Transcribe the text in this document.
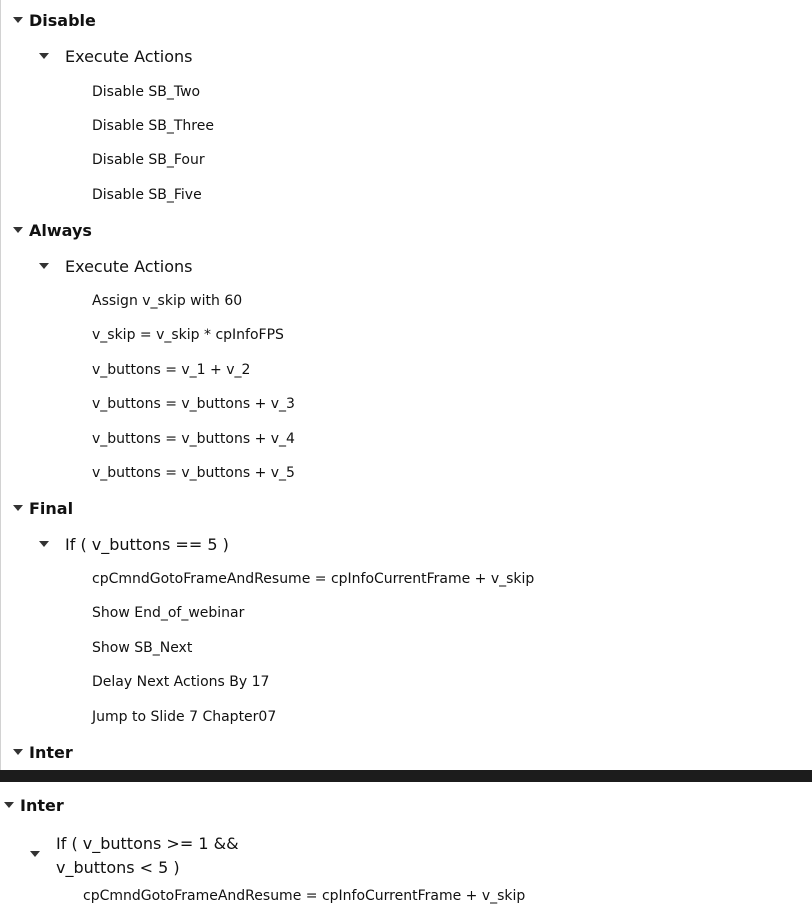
Disable
Execute Actions
Disable SB_Two
Disable SB_Three
Disable SB_Four
Disable SB_Five
Always
Execute Actions
Assign v_skip with 60
v_skip = v_skip * cpInfoFPS
v_buttons = v_1 + v_2
v_buttons = v_buttons + v_3
v_buttons = v_buttons + v_4
v_buttons = v_buttons + v_5
Final
If ( v_buttons == 5 )
cpCmndGotoFrameAndResume = cpInfoCurrentFrame + v_skip
Show End_of_webinar
Show SB_Next
Delay Next Actions By 17
Jump to Slide 7 Chapter07
Inter
Inter
If ( v_buttons >= 1 &&
v_buttons < 5 )
cpCmndGotoFrameAndResume = cpInfoCurrentFrame + v_skip
